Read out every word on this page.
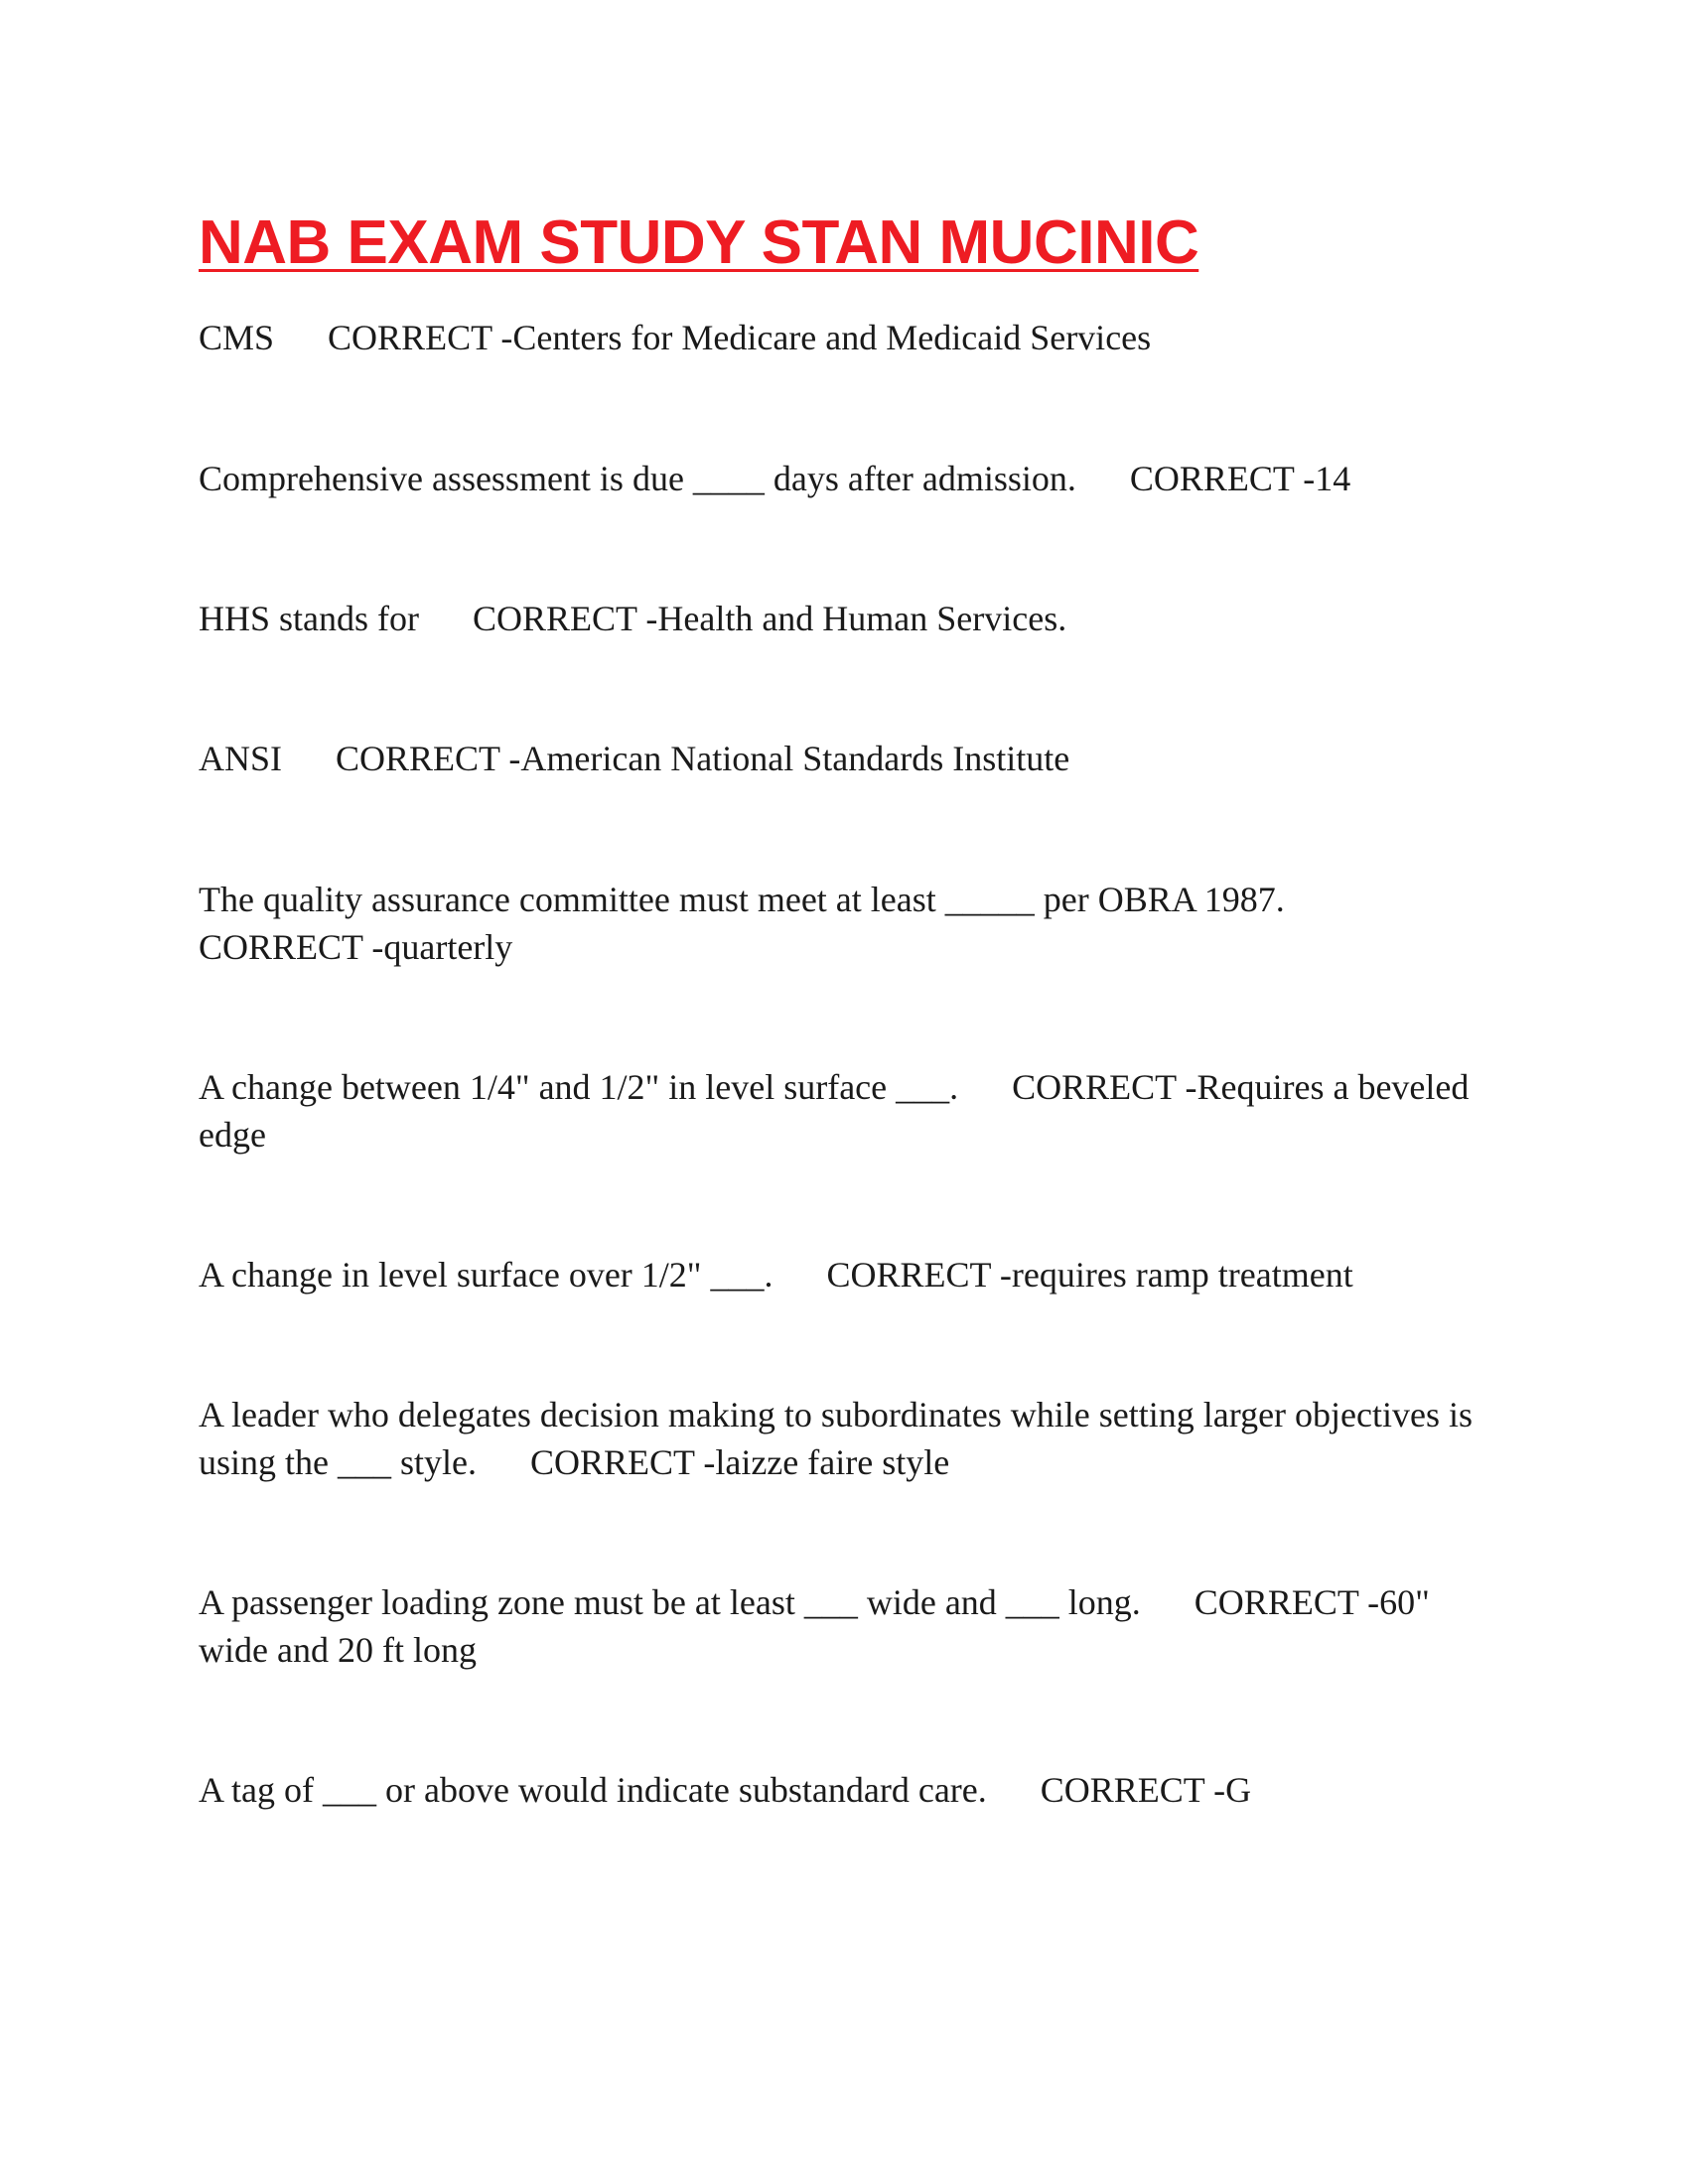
NAB EXAM STUDY STAN MUCINIC

CMS CORRECT -Centers for Medicare and Medicaid Services

Comprehensive assessment is due ____ days after admission. CORRECT -14

HHS stands for CORRECT -Health and Human Services.

ANSI CORRECT -American National Standards Institute

The quality assurance committee must meet at least _____ per OBRA 1987.      CORRECT -quarterly

A change between 1/4" and 1/2" in level surface ___. CORRECT -Requires a beveled edge

A change in level surface over 1/2" ___. CORRECT -requires ramp treatment

A leader who delegates decision making to subordinates while setting larger objectives is using the ___ style. CORRECT -laizze faire style

A passenger loading zone must be at least ___ wide and ___ long. CORRECT -60" wide and 20 ft long

A tag of ___ or above would indicate substandard care. CORRECT -G
